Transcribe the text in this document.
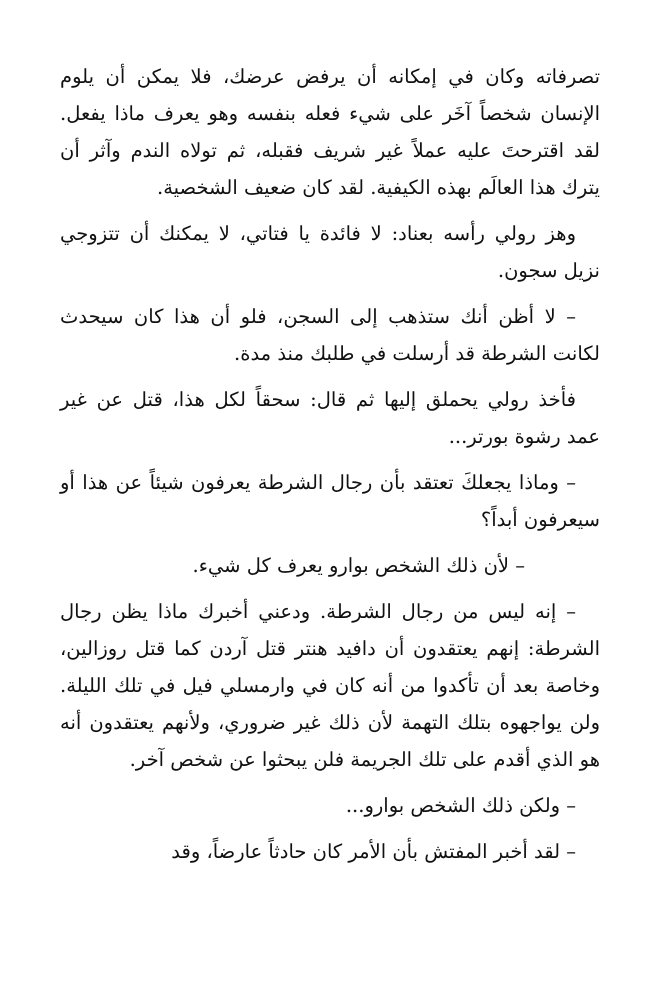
تصرفاته وكان في إمكانه أن يرفض عرضك، فلا يمكن أن يلوم الإنسان شخصاً آخَر على شيء فعله بنفسه وهو يعرف ماذا يفعل. لقد اقترحتَ عليه عملاً غير شريف فقبله، ثم تولاه الندم وآثر أن يترك هذا العالَم بهذه الكيفية. لقد كان ضعيف الشخصية.

وهز رولي رأسه بعناد: لا فائدة يا فتاتي، لا يمكنك أن تتزوجي نزيل سجون.

– لا أظن أنك ستذهب إلى السجن، فلو أن هذا كان سيحدث لكانت الشرطة قد أرسلت في طلبك منذ مدة.

فأخذ رولي يحملق إليها ثم قال: سحقاً لكل هذا، قتل عن غير عمد رشوة بورتر...

– وماذا يجعلكَ تعتقد بأن رجال الشرطة يعرفون شيئاً عن هذا أو سيعرفون أبداً؟

– لأن ذلك الشخص بوارو يعرف كل شيء.

– إنه ليس من رجال الشرطة. ودعني أخبرك ماذا يظن رجال الشرطة: إنهم يعتقدون أن دافيد هنتر قتل آردن كما قتل روزالين، وخاصة بعد أن تأكدوا من أنه كان في وارمسلي فيل في تلك الليلة. ولن يواجهوه بتلك التهمة لأن ذلك غير ضروري، ولأنهم يعتقدون أنه هو الذي أقدم على تلك الجريمة فلن يبحثوا عن شخص آخر.

– ولكن ذلك الشخص بوارو...

– لقد أخبر المفتش بأن الأمر كان حادثاً عارضاً، وقد
